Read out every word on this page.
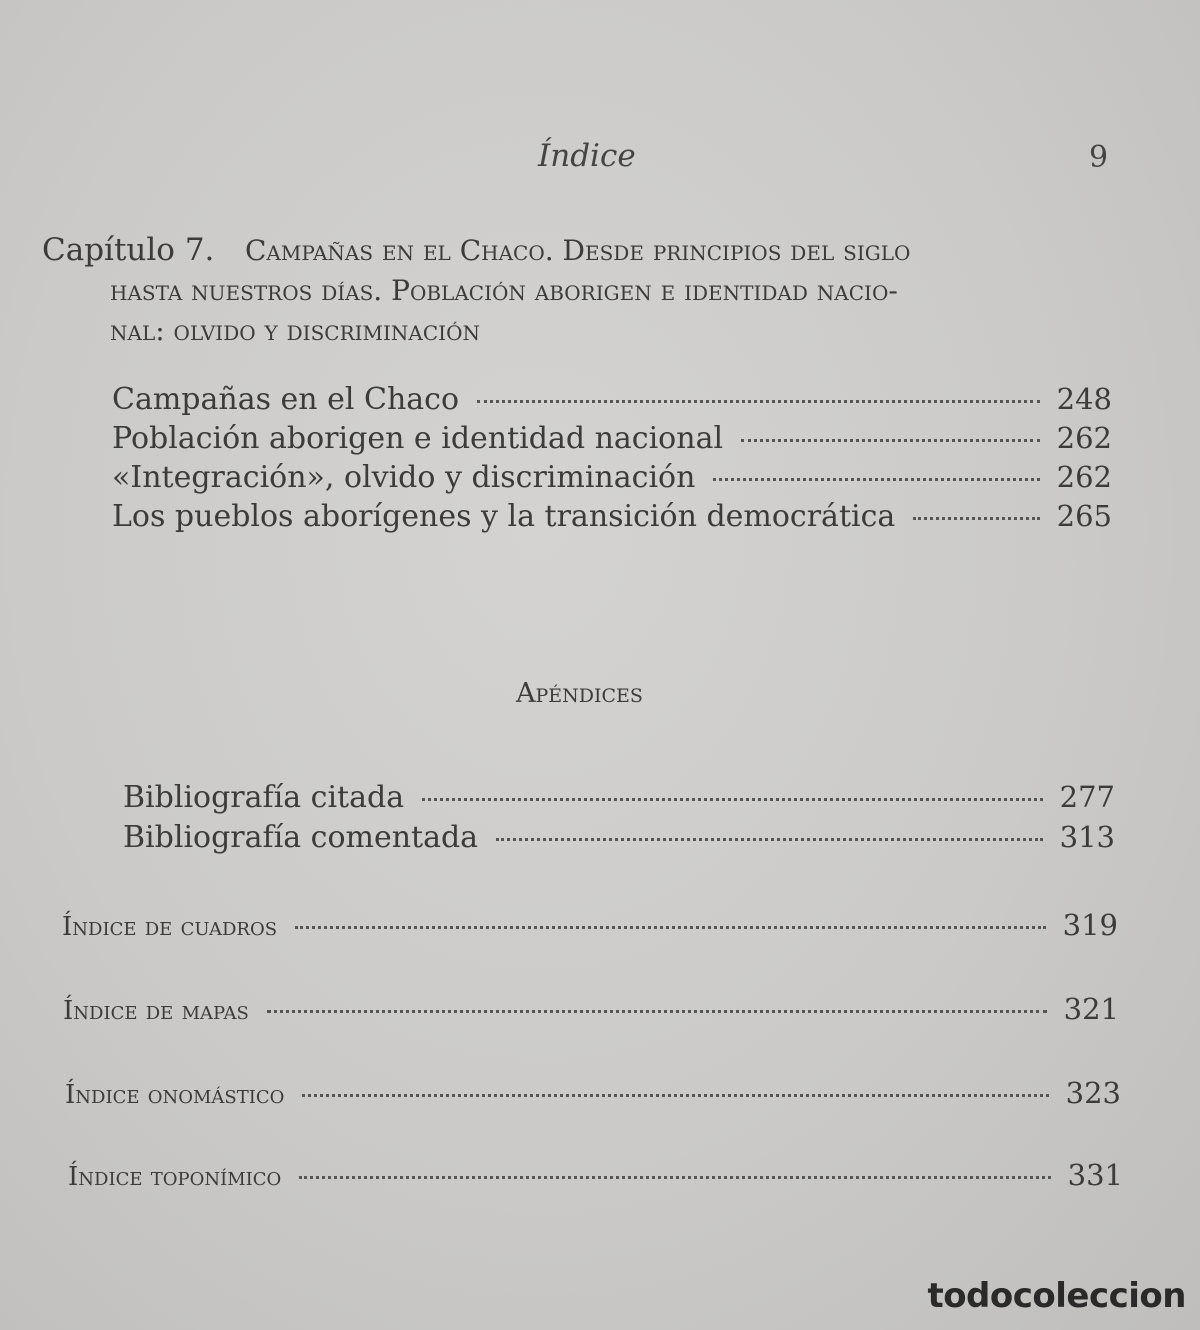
Índice	9
Capítulo 7. Campañas en el Chaco. Desde principios del siglo
hasta nuestros días. Población aborigen e identidad nacio-
nal: olvido y discriminación
Campañas en el Chaco	248
Población aborigen e identidad nacional	262
«Integración», olvido y discriminación	262
Los pueblos aborígenes y la transición democrática	265
Apéndices
Bibliografía citada	277
Bibliografía comentada	313
Índice de cuadros	319
Índice de mapas	321
Índice onomástico	323
Índice toponímico	331
todocoleccion
